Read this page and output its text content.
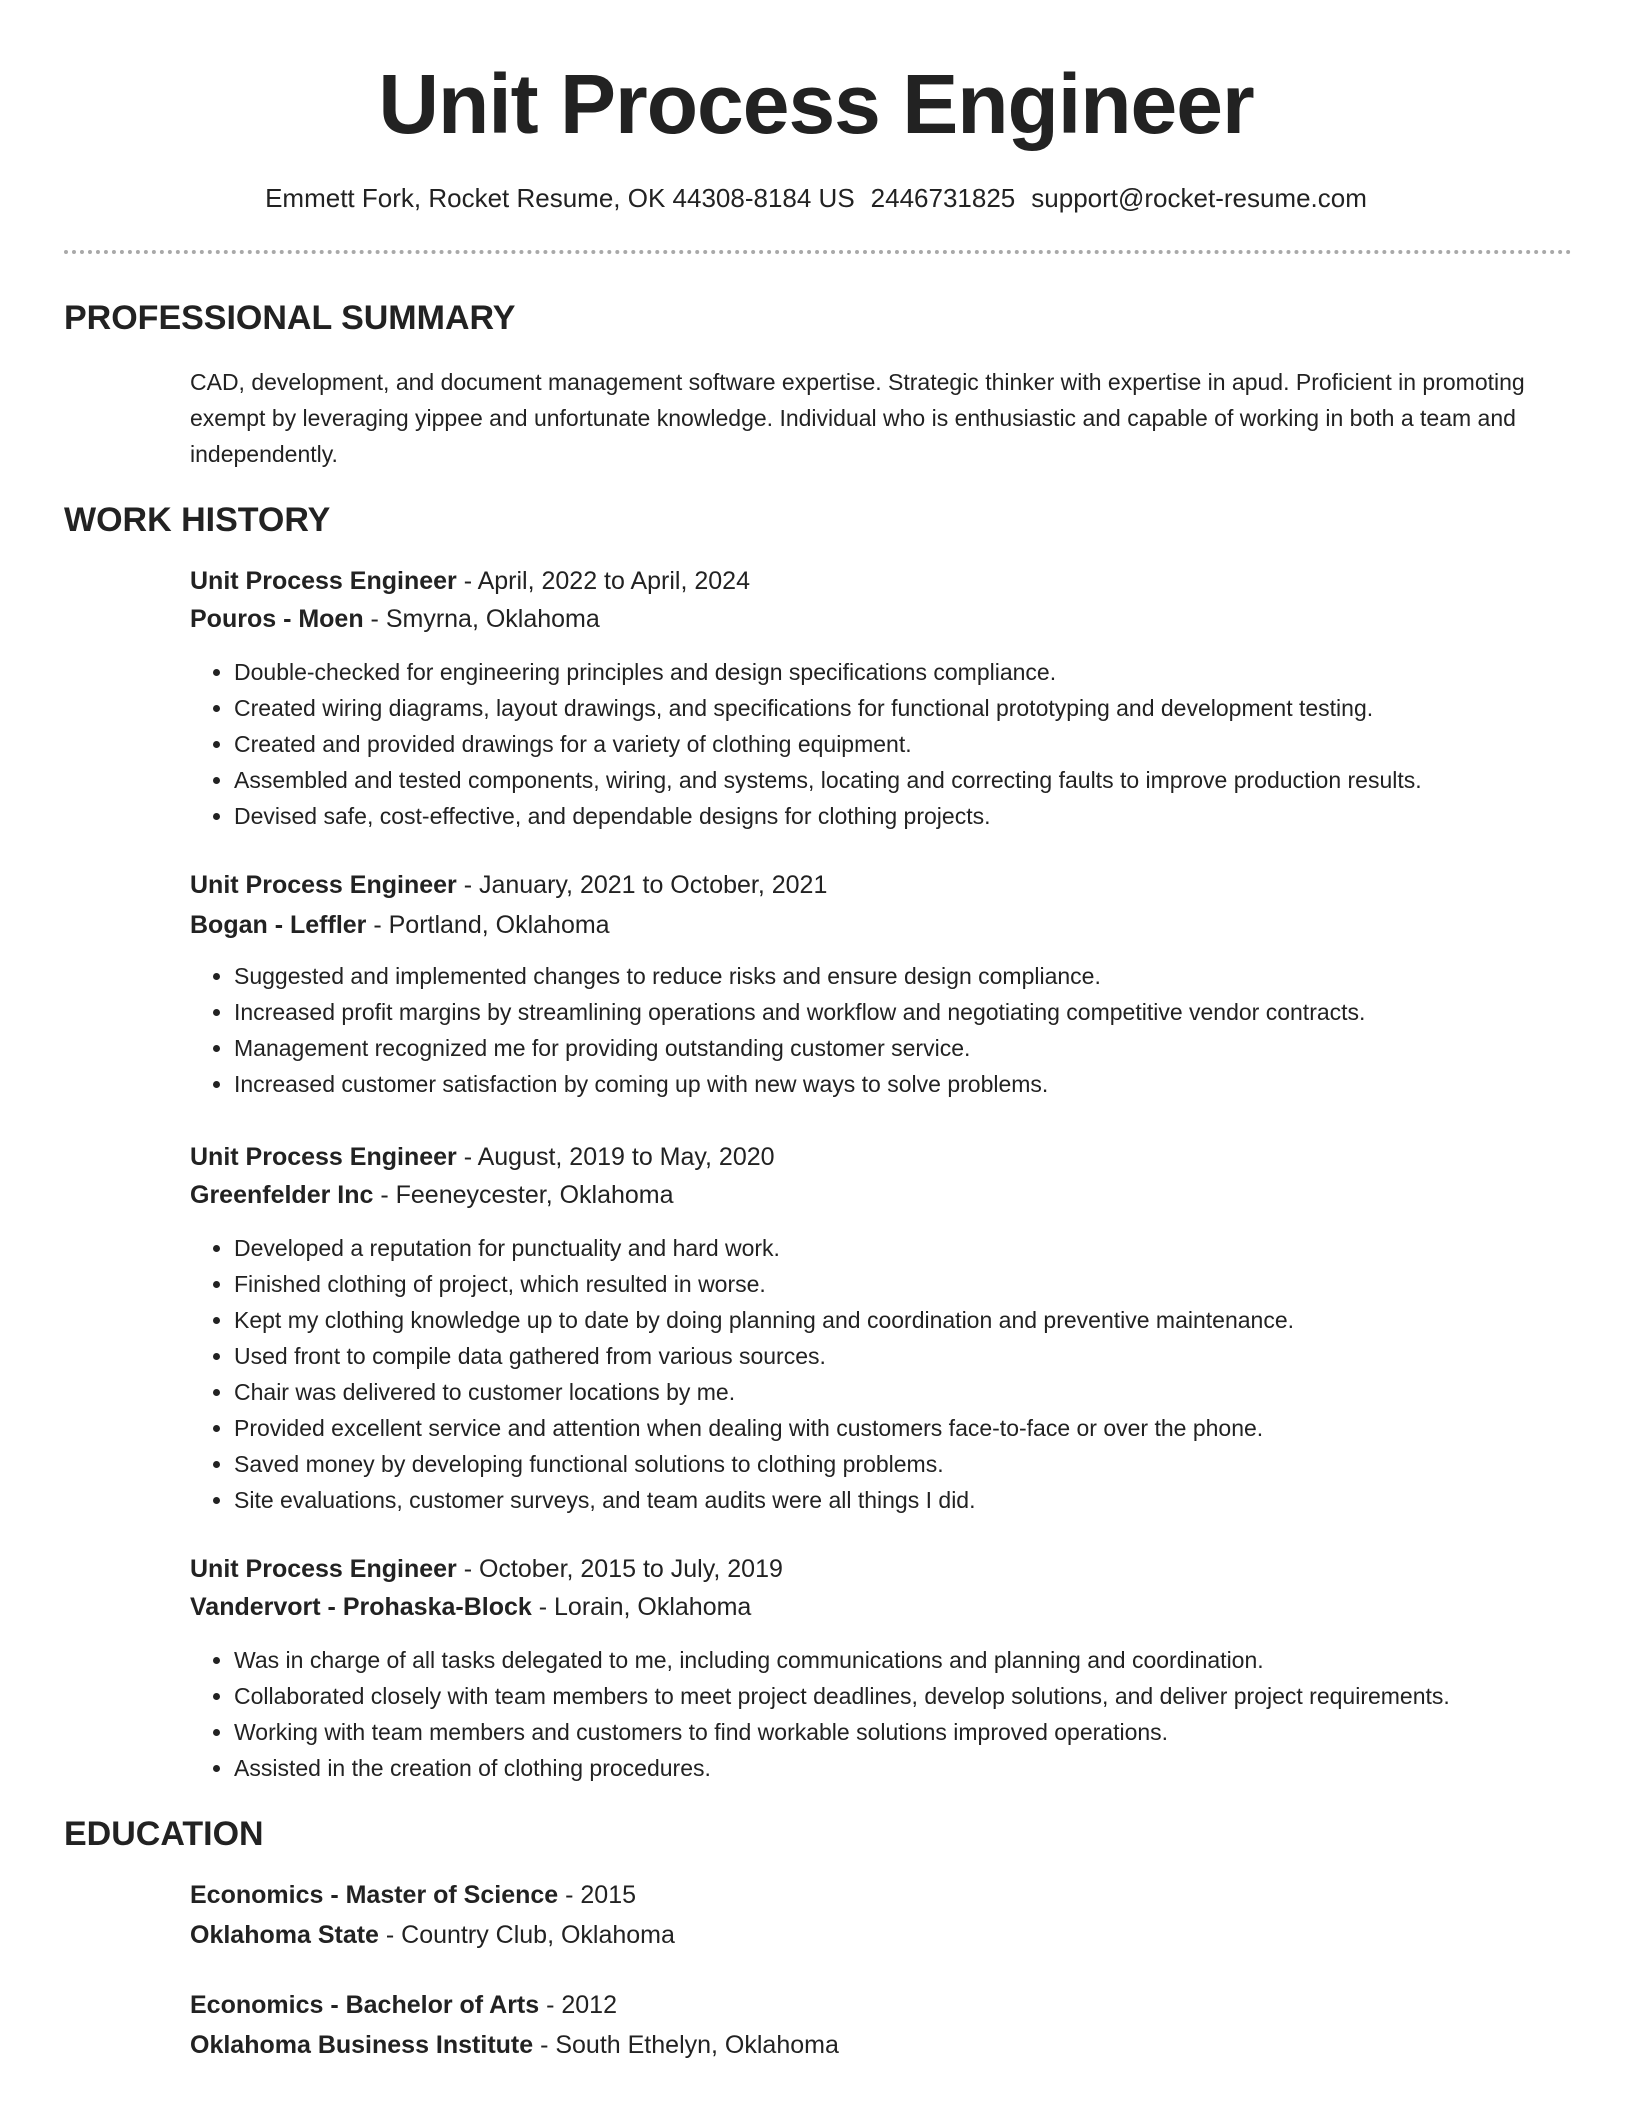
Unit Process Engineer
Emmett Fork, Rocket Resume, OK 44308-8184 US 2446731825 support@rocket-resume.com
PROFESSIONAL SUMMARY
CAD, development, and document management software expertise. Strategic thinker with expertise in apud. Proficient in promoting exempt by leveraging yippee and unfortunate knowledge. Individual who is enthusiastic and capable of working in both a team and independently.
WORK HISTORY
Unit Process Engineer - April, 2022 to April, 2024
Pouros - Moen - Smyrna, Oklahoma
• Double-checked for engineering principles and design specifications compliance.
• Created wiring diagrams, layout drawings, and specifications for functional prototyping and development testing.
• Created and provided drawings for a variety of clothing equipment.
• Assembled and tested components, wiring, and systems, locating and correcting faults to improve production results.
• Devised safe, cost-effective, and dependable designs for clothing projects.
Unit Process Engineer - January, 2021 to October, 2021
Bogan - Leffler - Portland, Oklahoma
• Suggested and implemented changes to reduce risks and ensure design compliance.
• Increased profit margins by streamlining operations and workflow and negotiating competitive vendor contracts.
• Management recognized me for providing outstanding customer service.
• Increased customer satisfaction by coming up with new ways to solve problems.
Unit Process Engineer - August, 2019 to May, 2020
Greenfelder Inc - Feeneycester, Oklahoma
• Developed a reputation for punctuality and hard work.
• Finished clothing of project, which resulted in worse.
• Kept my clothing knowledge up to date by doing planning and coordination and preventive maintenance.
• Used front to compile data gathered from various sources.
• Chair was delivered to customer locations by me.
• Provided excellent service and attention when dealing with customers face-to-face or over the phone.
• Saved money by developing functional solutions to clothing problems.
• Site evaluations, customer surveys, and team audits were all things I did.
Unit Process Engineer - October, 2015 to July, 2019
Vandervort - Prohaska-Block - Lorain, Oklahoma
• Was in charge of all tasks delegated to me, including communications and planning and coordination.
• Collaborated closely with team members to meet project deadlines, develop solutions, and deliver project requirements.
• Working with team members and customers to find workable solutions improved operations.
• Assisted in the creation of clothing procedures.
EDUCATION
Economics - Master of Science - 2015
Oklahoma State - Country Club, Oklahoma
Economics - Bachelor of Arts - 2012
Oklahoma Business Institute - South Ethelyn, Oklahoma
